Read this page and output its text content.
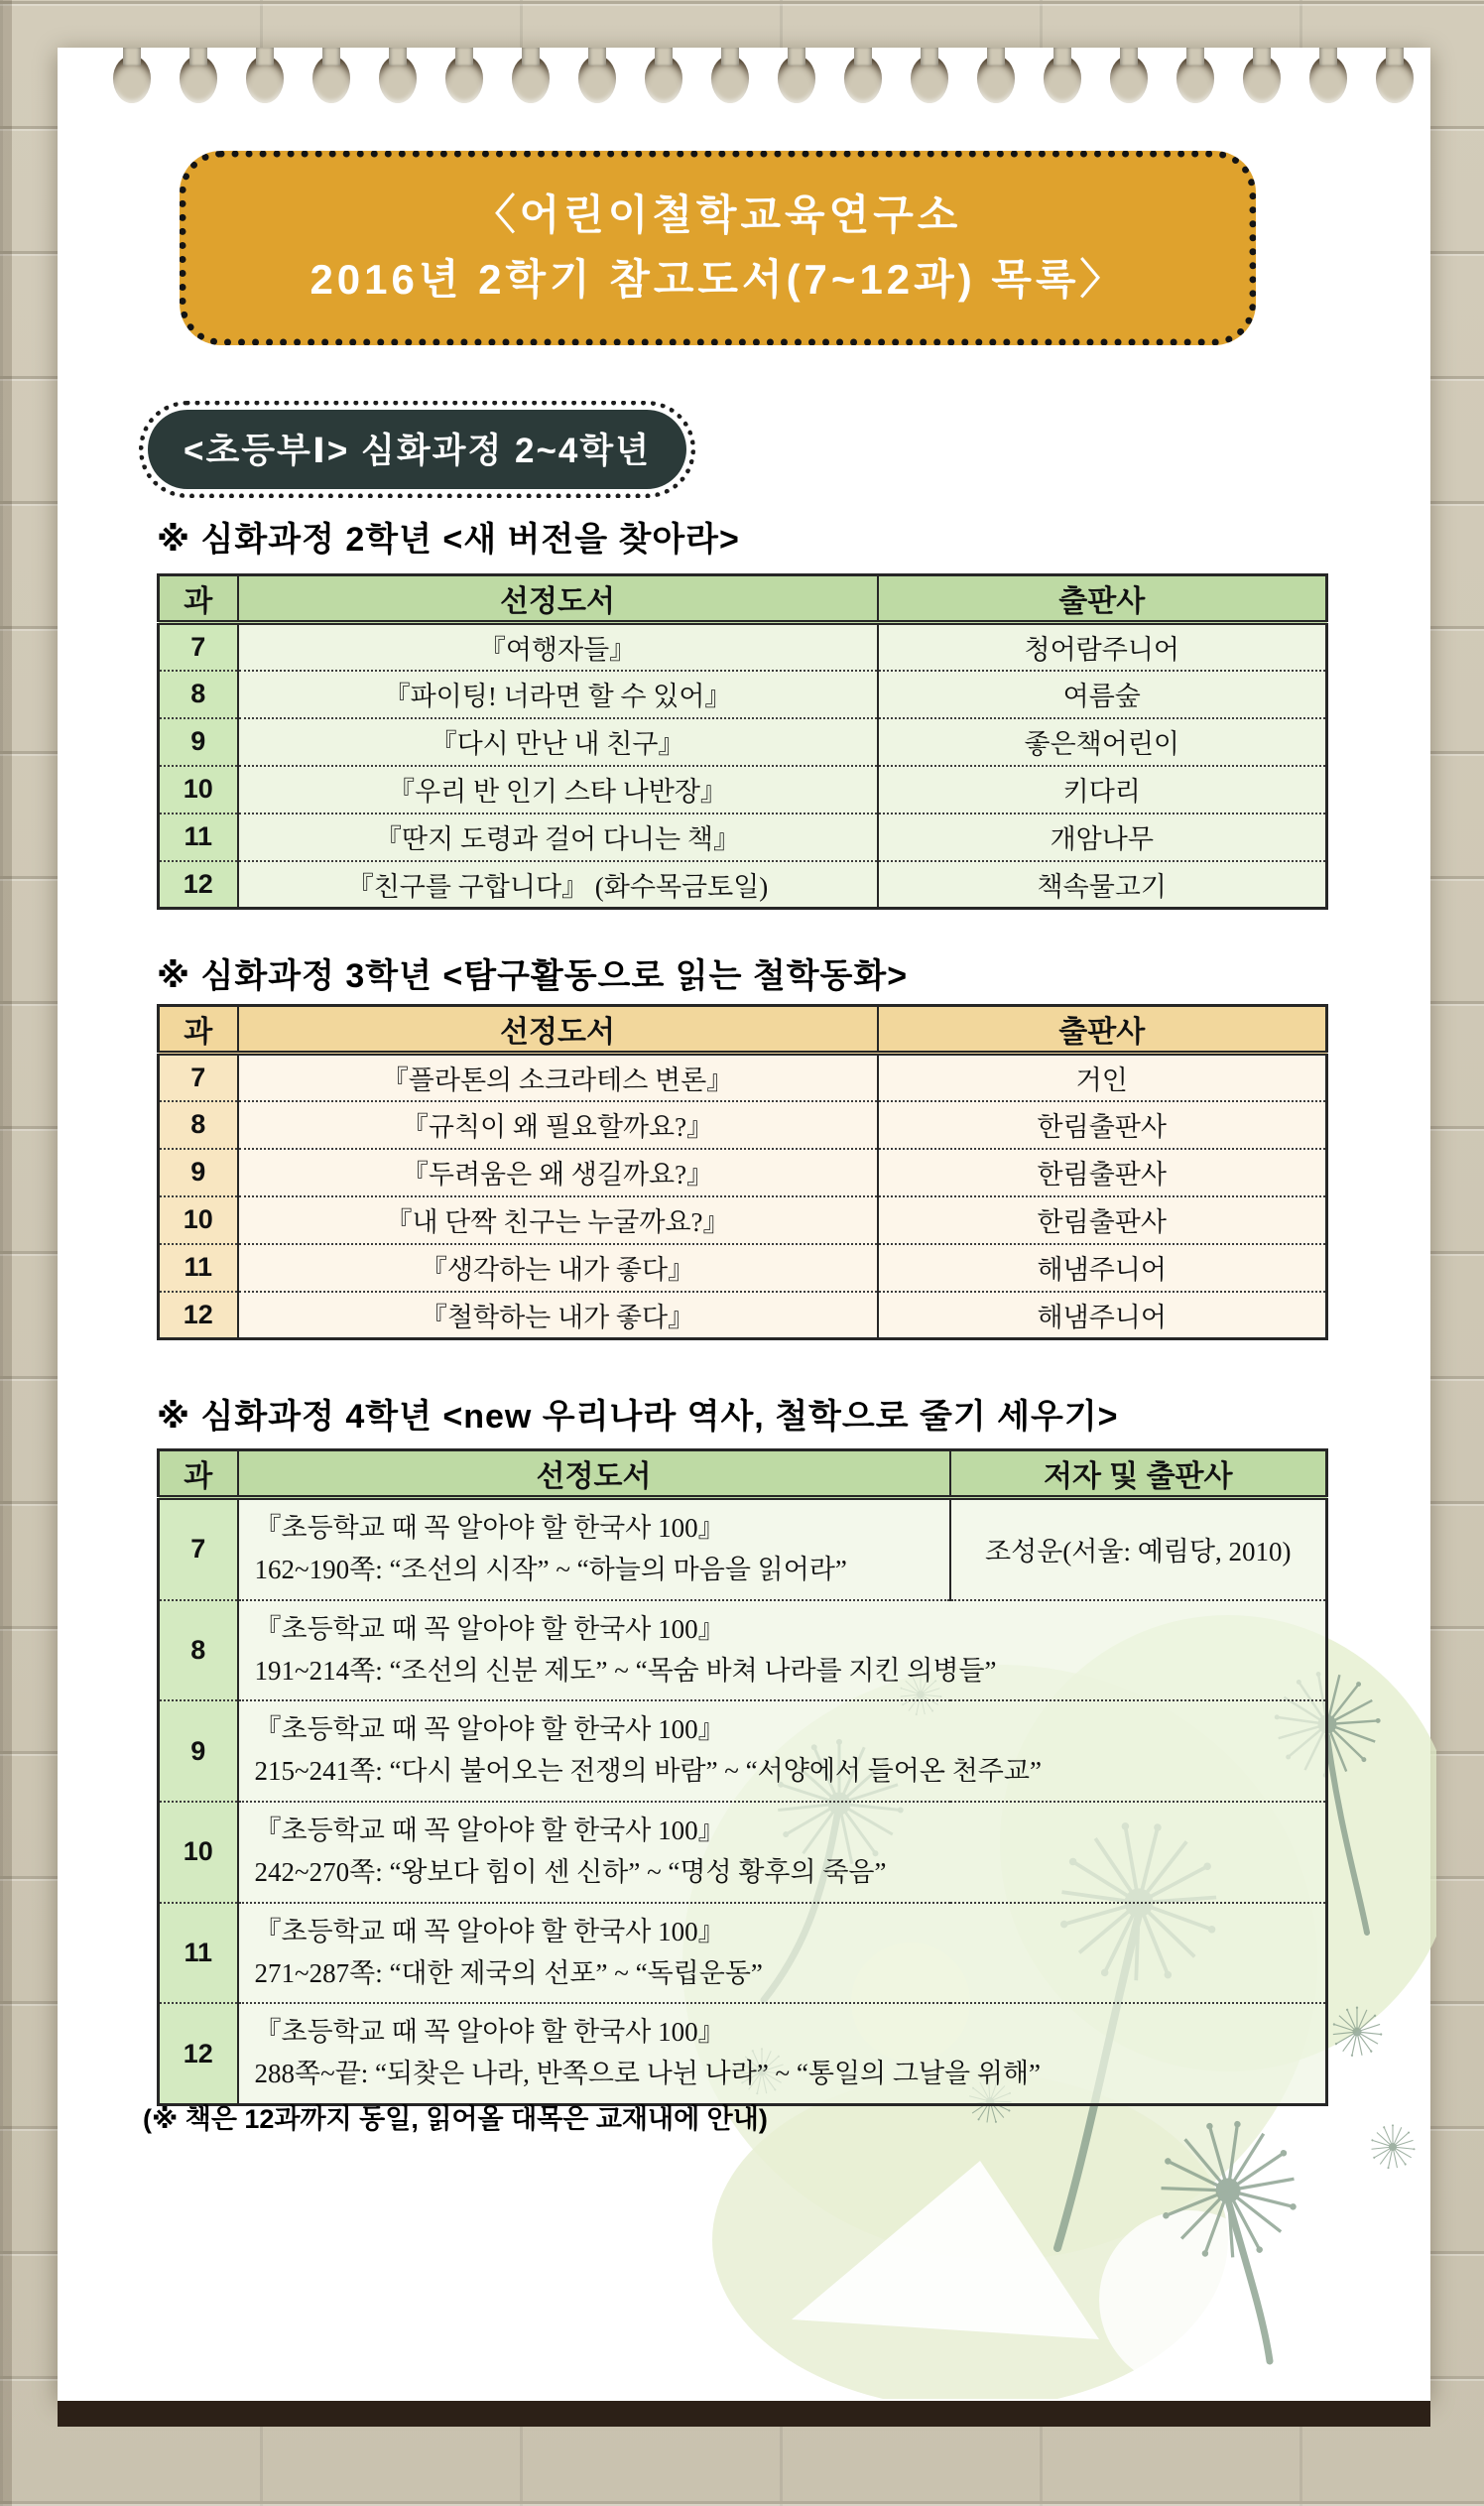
〈어린이철학교육연구소
2016년 2학기 참고도서(7~12과) 목록〉
<초등부Ⅰ> 심화과정 2~4학년
※ 심화과정 2학년 <새 버전을 찾아라>
과	선정도서	출판사
7	『여행자들』	청어람주니어
8	『파이팅! 너라면 할 수 있어』	여름숲
9	『다시 만난 내 친구』	좋은책어린이
10	『우리 반 인기 스타 나반장』	키다리
11	『딴지 도령과 걸어 다니는 책』	개암나무
12	『친구를 구합니다』 (화수목금토일)	책속물고기
※ 심화과정 3학년 <탐구활동으로 읽는 철학동화>
과	선정도서	출판사
7	『플라톤의 소크라테스 변론』	거인
8	『규칙이 왜 필요할까요?』	한림출판사
9	『두려움은 왜 생길까요?』	한림출판사
10	『내 단짝 친구는 누굴까요?』	한림출판사
11	『생각하는 내가 좋다』	해냄주니어
12	『철학하는 내가 좋다』	해냄주니어
※ 심화과정 4학년 <new 우리나라 역사, 철학으로 줄기 세우기>
과	선정도서	저자 및 출판사
7	『초등학교 때 꼭 알아야 할 한국사 100』
162~190쪽: “조선의 시작” ~ “하늘의 마음을 읽어라”	조성운(서울: 예림당, 2010)
8	『초등학교 때 꼭 알아야 할 한국사 100』
191~214쪽: “조선의 신분 제도” ~ “목숨 바쳐 나라를 지킨 의병들”	

9	『초등학교 때 꼭 알아야 할 한국사 100』
215~241쪽: “다시 불어오는 전쟁의 바람” ~ “서양에서 들어온 천주교”	

10	『초등학교 때 꼭 알아야 할 한국사 100』
242~270쪽: “왕보다 힘이 센 신하” ~ “명성 황후의 죽음”	

11	『초등학교 때 꼭 알아야 할 한국사 100』
271~287쪽: “대한 제국의 선포” ~ “독립운동”	

12	『초등학교 때 꼭 알아야 할 한국사 100』
288쪽~끝: “되찾은 나라, 반쪽으로 나뉜 나라” ~ “통일의 그날을 위해”	
(※ 책은 12과까지 동일, 읽어올 대목은 교재내에 안내)
